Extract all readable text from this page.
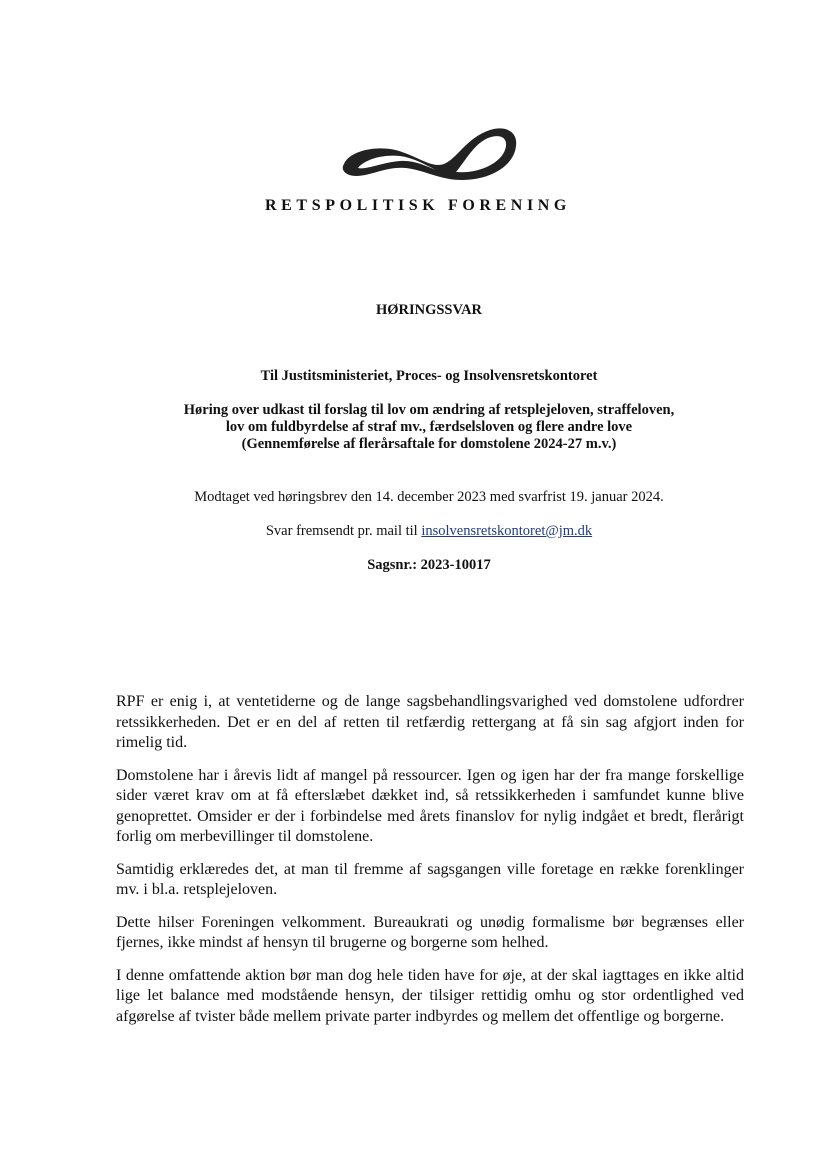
RETSPOLITISK FORENING
HØRINGSSVAR
Til Justitsministeriet, Proces- og Insolvensretskontoret
Høring over udkast til forslag til lov om ændring af retsplejeloven, straffeloven,
lov om fuldbyrdelse af straf mv., færdselsloven og flere andre love
(Gennemførelse af flerårsaftale for domstolene 2024-27 m.v.)
Modtaget ved høringsbrev den 14. december 2023 med svarfrist 19. januar 2024.
Svar fremsendt pr. mail til insolvensretskontoret@jm.dk
Sagsnr.: 2023-10017

RPF er enig i, at ventetiderne og de lange sagsbehandlingsvarighed ved domstolene udfordrer retssikkerheden. Det er en del af retten til retfærdig rettergang at få sin sag afgjort inden for rimelig tid.

Domstolene har i årevis lidt af mangel på ressourcer. Igen og igen har der fra mange forskellige sider været krav om at få efterslæbet dækket ind, så retssikkerheden i samfundet kunne blive genoprettet. Omsider er der i forbindelse med årets finanslov for nylig indgået et bredt, flerårigt forlig om merbevillinger til domstolene.

Samtidig erklæredes det, at man til fremme af sagsgangen ville foretage en række forenklinger mv. i bl.a. retsplejeloven.

Dette hilser Foreningen velkomment. Bureaukrati og unødig formalisme bør begrænses eller fjernes, ikke mindst af hensyn til brugerne og borgerne som helhed.

I denne omfattende aktion bør man dog hele tiden have for øje, at der skal iagttages en ikke altid lige let balance med modstående hensyn, der tilsiger rettidig omhu og stor ordentlighed ved afgørelse af tvister både mellem private parter indbyrdes og mellem det offentlige og borgerne.
